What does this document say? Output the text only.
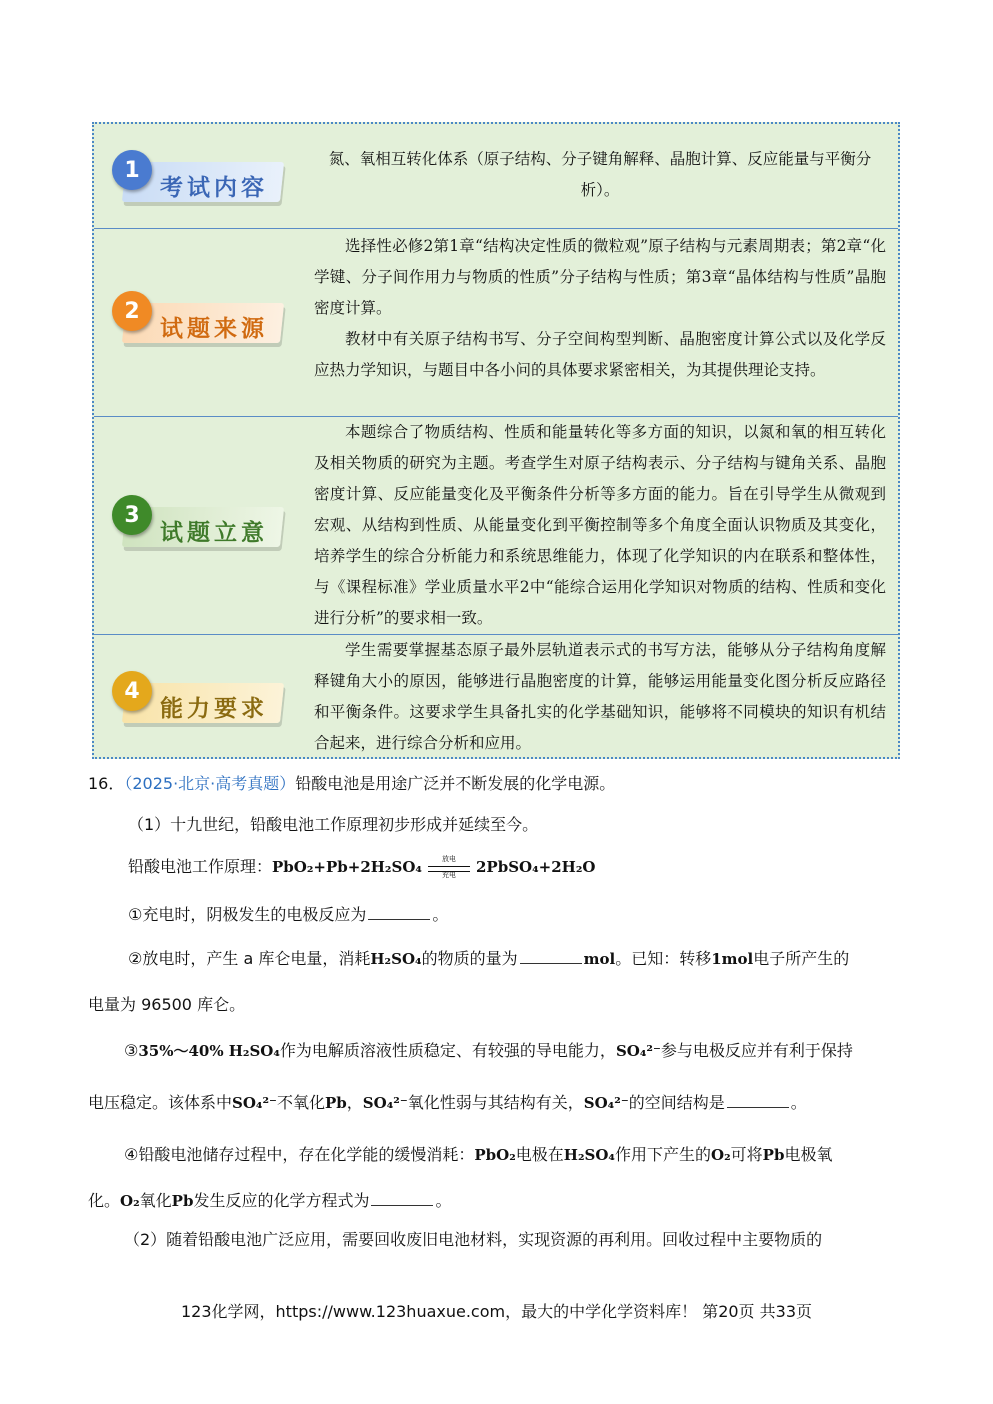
1
考试内容

氮、氧相互转化体系（原子结构、分子键角解释、晶胞计算、反应能量与平衡分析）。

2
试题来源

选择性必修2第1章“结构决定性质的微粒观”原子结构与元素周期表；第2章“化学键、分子间作用力与物质的性质”分子结构与性质；第3章“晶体结构与性质”晶胞密度计算。

教材中有关原子结构书写、分子空间构型判断、晶胞密度计算公式以及化学反应热力学知识，与题目中各小问的具体要求紧密相关，为其提供理论支持。

3
试题立意

本题综合了物质结构、性质和能量转化等多方面的知识，以氮和氧的相互转化及相关物质的研究为主题。考查学生对原子结构表示、分子结构与键角关系、晶胞密度计算、反应能量变化及平衡条件分析等多方面的能力。旨在引导学生从微观到宏观、从结构到性质、从能量变化到平衡控制等多个角度全面认识物质及其变化，培养学生的综合分析能力和系统思维能力，体现了化学知识的内在联系和整体性，与《课程标准》学业质量水平2中“能综合运用化学知识对物质的结构、性质和变化进行分析”的要求相一致。

4
能力要求

学生需要掌握基态原子最外层轨道表示式的书写方法，能够从分子结构角度解释键角大小的原因，能够进行晶胞密度的计算，能够运用能量变化图分析反应路径和平衡条件。这要求学生具备扎实的化学基础知识，能够将不同模块的知识有机结合起来，进行综合分析和应用。

16．（2025·北京·高考真题）铅酸电池是用途广泛并不断发展的化学电源。
（1）十九世纪，铅酸电池工作原理初步形成并延续至今。
铅酸电池工作原理：PbO₂+Pb+2H₂SO₄	放电
充电	2PbSO₄+2H₂O
①充电时，阴极发生的电极反应为	。
②放电时，产生 a 库仑电量，消耗H₂SO₄的物质的量为	mol。已知：转移1mol电子所产生的
电量为 96500 库仑。
③35%～40% H₂SO₄作为电解质溶液性质稳定、有较强的导电能力，SO₄²⁻参与电极反应并有利于保持
电压稳定。该体系中SO₄²⁻不氧化Pb，SO₄²⁻氧化性弱与其结构有关，SO₄²⁻的空间结构是	。
④铅酸电池储存过程中，存在化学能的缓慢消耗：PbO₂电极在H₂SO₄作用下产生的O₂可将Pb电极氧
化。O₂氧化Pb发生反应的化学方程式为	。
（2）随着铅酸电池广泛应用，需要回收废旧电池材料，实现资源的再利用。回收过程中主要物质的
123化学网，https://www.123huaxue.com，最大的中学化学资料库！ 第20页 共33页
